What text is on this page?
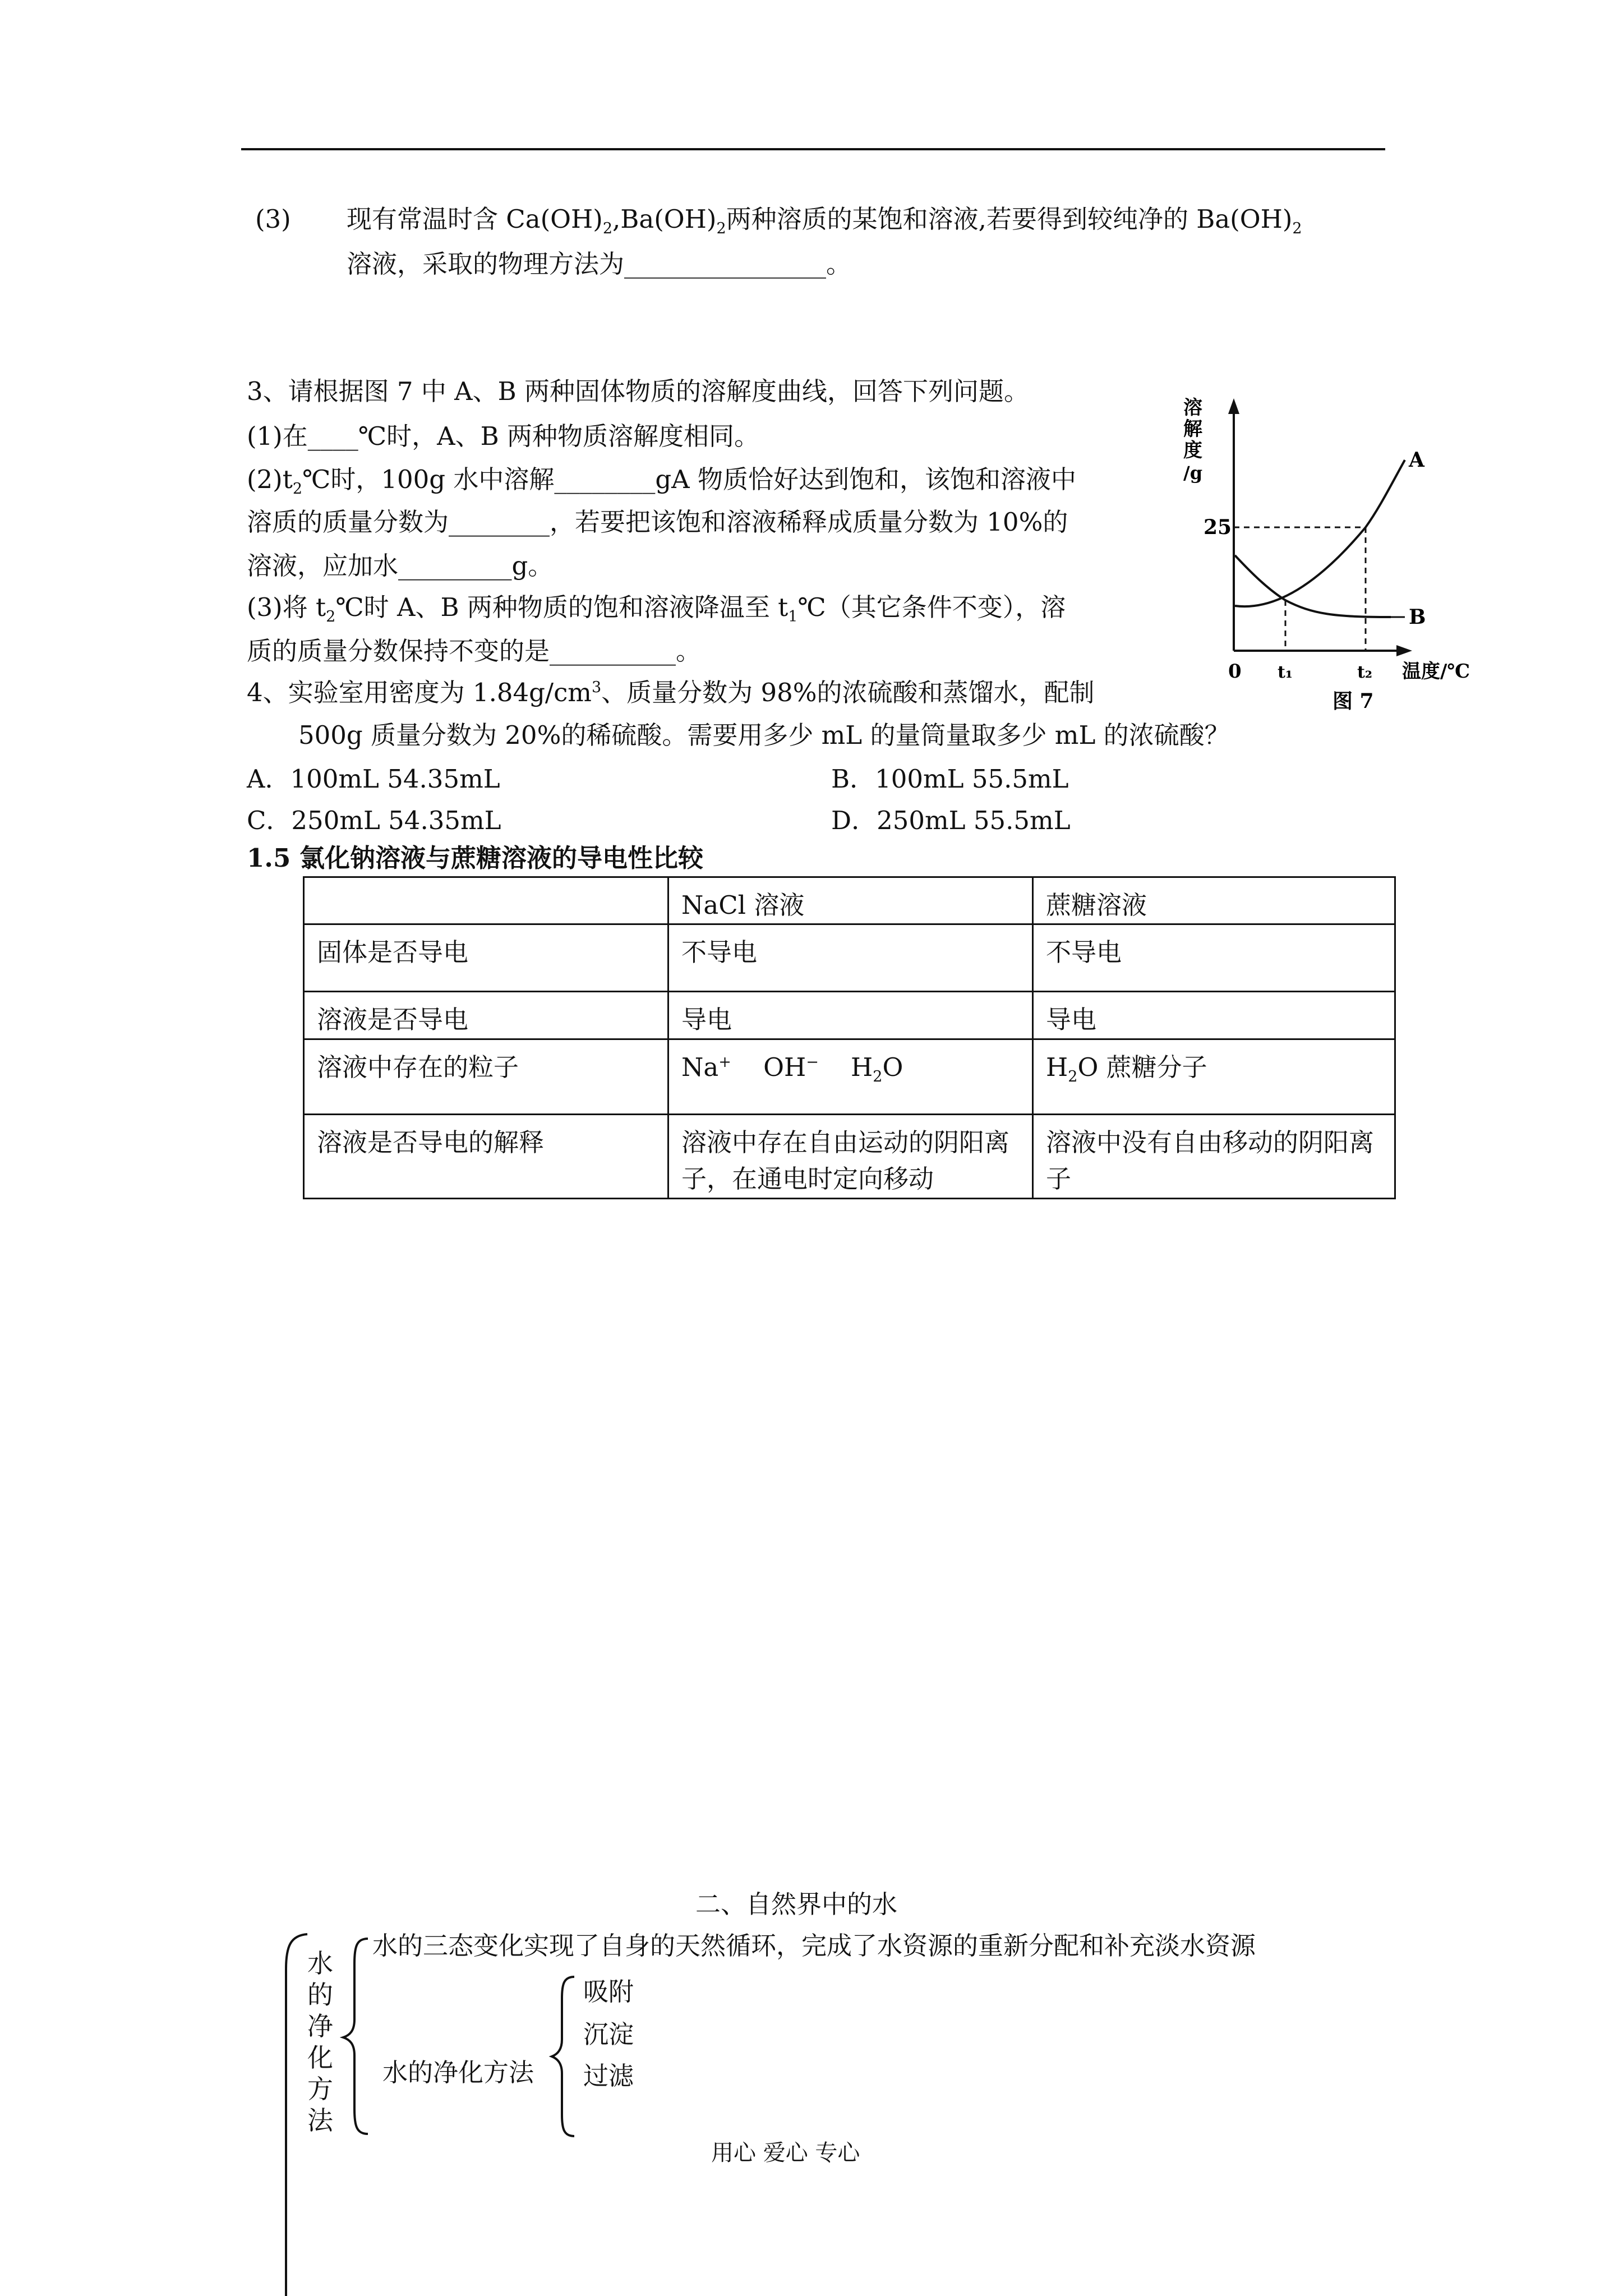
(3) 现有常温时含 $Ca(OH)_2,Ba(OH)_2$两种溶质的某饱和溶液,若要得到较纯净的 $Ba(OH)_2$
溶液，采取的物理方法为________________。
3、请根据图 7 中 A、B 两种固体物质的溶解度曲线，回答下列问题。
(1)在____℃时，A、B 两种物质溶解度相同。
$(2)t_2℃$时，100g 水中溶解________gA 物质恰好达到饱和，该饱和溶液中
溶质的质量分数为________，若要把该饱和溶液稀释成质量分数为 10%的
溶液，应加水_________g。
(3)将 $t_2℃$时 A、B 两种物质的饱和溶液降温至 $t_1℃$（其它条件不变），溶
质的质量分数保持不变的是__________。
溶
解
度
/g
25
0 t₁	t₂ 温度/℃
A
B
图 7
4、实验室用密度为 $1.84g/cm^3$、质量分数为 98%的浓硫酸和蒸馏水，配制
500g 质量分数为 20%的稀硫酸。需要用多少 mL 的量筒量取多少 mL 的浓硫酸？
A．100mL 54.35mL	B．100mL 55.5mL
C．250mL 54.35mL	D．250mL 55.5mL
1.5 氯化钠溶液与蔗糖溶液的导电性比较
	NaCl 溶液	蔗糖溶液
固体是否导电	不导电	不导电
溶液是否导电	导电	导电
溶液中存在的粒子	Na+ OH− $H_2O$	$H_2O$ 蔗糖分子
溶液是否导电的解释	溶液中存在自由运动的阴阳离子，在通电时定向移动	溶液中没有自由移动的阴阳离子
二、自然界中的水
水
的
净
化
方
法
水的三态变化实现了自身的天然循环，完成了水资源的重新分配和补充淡水资源
水的净化方法
吸附
沉淀
过滤
用心 爱心 专心
